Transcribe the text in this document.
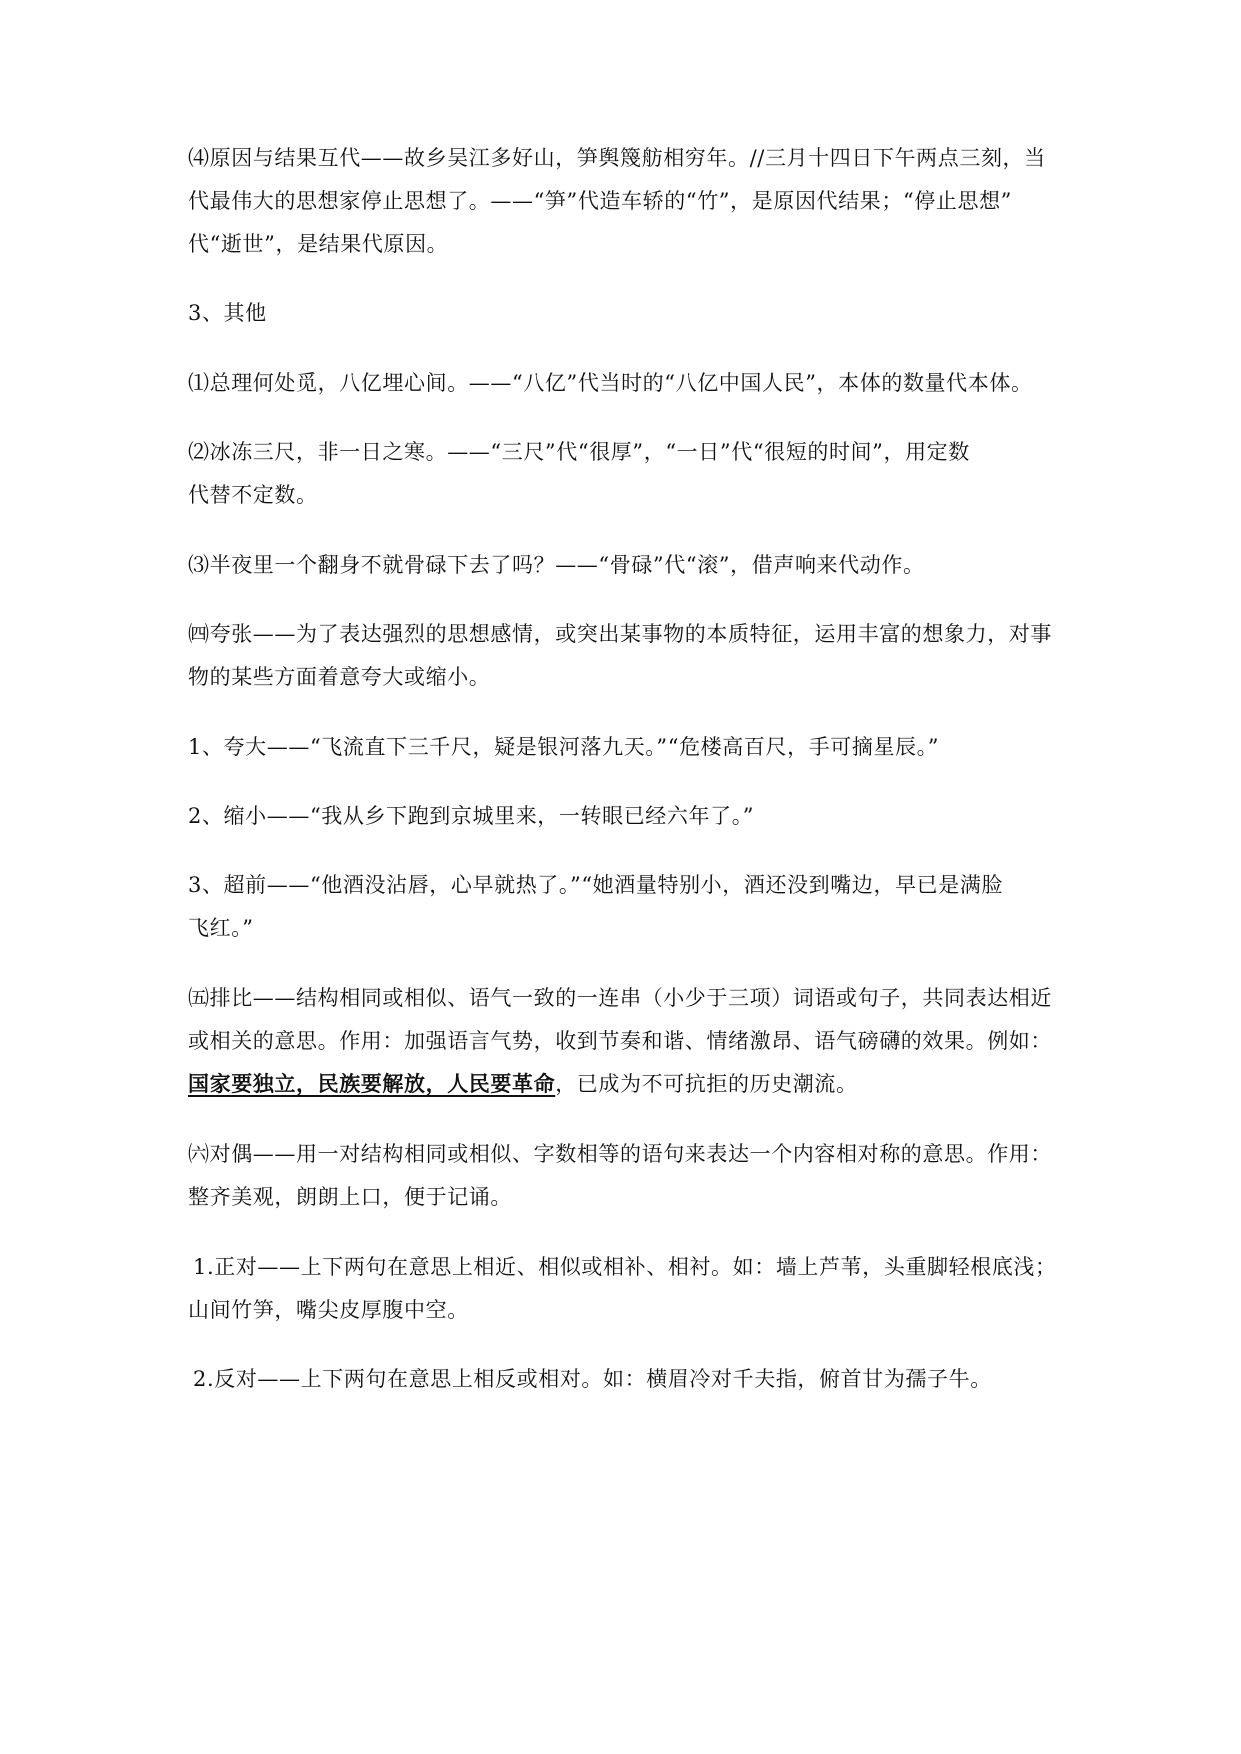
⑷原因与结果互代——故乡吴江多好山，笋舆篾舫相穷年。//三月十四日下午两点三刻，当
代最伟大的思想家停止思想了。——“笋”代造车轿的“竹”，是原因代结果；“停止思想”
代“逝世”，是结果代原因。
3、其他
⑴总理何处觅，八亿埋心间。——“八亿”代当时的“八亿中国人民”，本体的数量代本体。
⑵冰冻三尺，非一日之寒。——“三尺”代“很厚”，“一日”代“很短的时间”，用定数
代替不定数。
⑶半夜里一个翻身不就骨碌下去了吗？——“骨碌”代“滚”，借声响来代动作。
㈣夸张——为了表达强烈的思想感情，或突出某事物的本质特征，运用丰富的想象力，对事
物的某些方面着意夸大或缩小。
1、夸大——“飞流直下三千尺，疑是银河落九天。”“危楼高百尺，手可摘星辰。”
2、缩小——“我从乡下跑到京城里来，一转眼已经六年了。”
3、超前——“他酒没沾唇，心早就热了。”“她酒量特别小，酒还没到嘴边，早已是满脸
飞红。”
㈤排比——结构相同或相似、语气一致的一连串（小少于三项）词语或句子，共同表达相近
或相关的意思。作用：加强语言气势，收到节奏和谐、情绪激昂、语气磅礴的效果。例如：
国家要独立，民族要解放，人民要革命，已成为不可抗拒的历史潮流。
㈥对偶——用一对结构相同或相似、字数相等的语句来表达一个内容相对称的意思。作用：
整齐美观，朗朗上口，便于记诵。
1.正对——上下两句在意思上相近、相似或相补、相衬。如：墙上芦苇，头重脚轻根底浅；
山间竹笋，嘴尖皮厚腹中空。
2.反对——上下两句在意思上相反或相对。如：横眉冷对千夫指，俯首甘为孺子牛。
